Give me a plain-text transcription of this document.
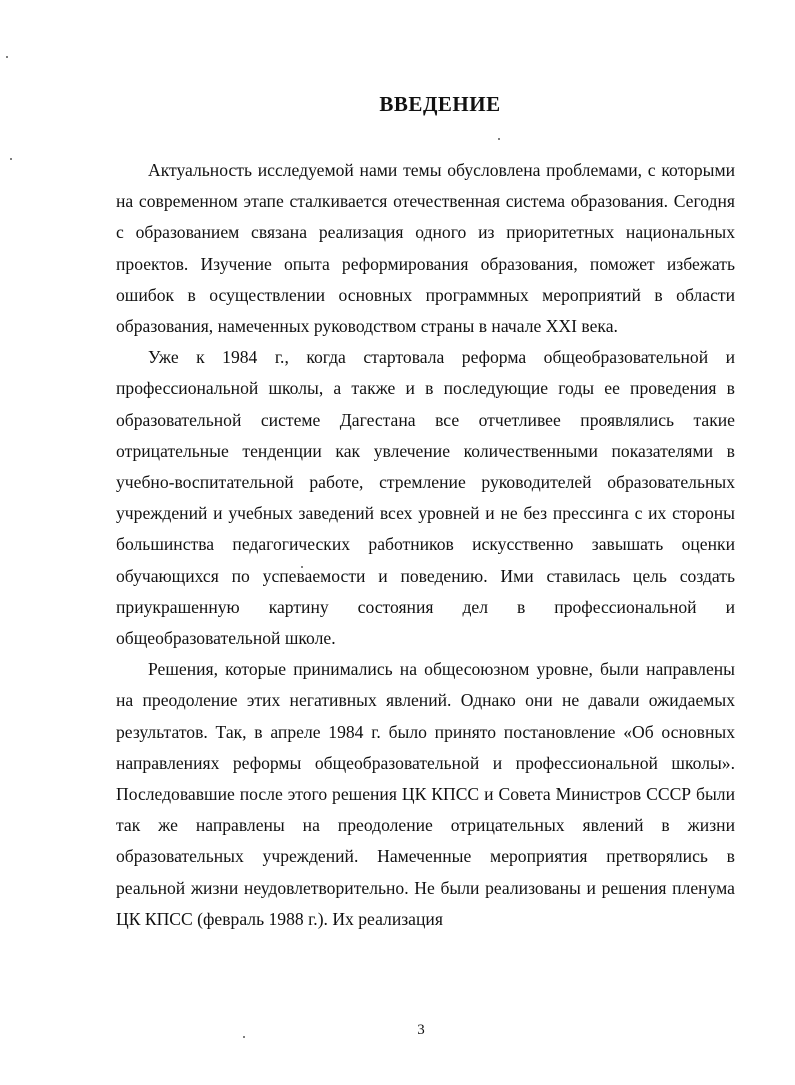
ВВЕДЕНИЕ

Актуальность исследуемой нами темы обусловлена проблемами, с которыми на современном этапе сталкивается отечественная система образования. Сегодня с образованием связана реализация одного из приоритетных национальных проектов. Изучение опыта реформирования образования, поможет избежать ошибок в осуществлении основных программных мероприятий в области образования, намеченных руководством страны в начале XXI века.

Уже к 1984 г., когда стартовала реформа общеобразовательной и профессиональной школы, а также и в последующие годы ее проведения в образовательной системе Дагестана все отчетливее проявлялись такие отрицательные тенденции как увлечение количественными показателями в учебно-воспитательной работе, стремление руководителей образовательных учреждений и учебных заведений всех уровней и не без прессинга с их стороны большинства педагогических работников искусственно завышать оценки обучающихся по успеваемости и поведению. Ими ставилась цель создать приукрашенную картину состояния дел в профессиональной и общеобразовательной школе.

Решения, которые принимались на общесоюзном уровне, были направлены на преодоление этих негативных явлений. Однако они не давали ожидаемых результатов. Так, в апреле 1984 г. было принято постановление «Об основных направлениях реформы общеобразовательной и профессиональной школы». Последовавшие после этого решения ЦК КПСС и Совета Министров СССР были так же направлены на преодоление отрицательных явлений в жизни образовательных учреждений. Намеченные мероприятия претворялись в реальной жизни неудовлетворительно. Не были реализованы и решения пленума ЦК КПСС (февраль 1988 г.). Их реализация

3
